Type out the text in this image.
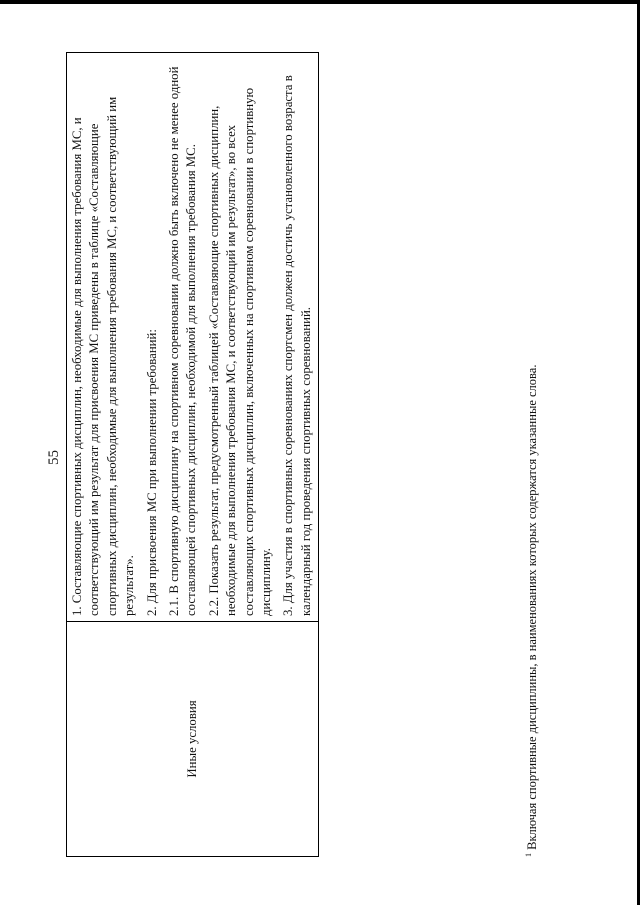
55
Иные условия	

1. Составляющие спортивных дисциплин, необходимые для выполнения требования МС, и соответствующий им результат для присвоения МС приведены в таблице «Составляющие спортивных дисциплин, необходимые для выполнения требования МС, и соответствующий им результат». 2. Для присвоения МС при выполнении требований: 2.1. В спортивную дисциплину на спортивном соревновании должно быть включено не менее одной составляющей спортивных дисциплин, необходимой для выполнения требования МС. 2.2. Показать результат, предусмотренный таблицей «Составляющие спортивных дисциплин, необходимые для выполнения требования МС, и соответствующий им результат», во всех составляющих спортивных дисциплин, включенных на спортивном соревновании в спортивную дисциплину. 3. Для участия в спортивных соревнованиях спортсмен должен достичь установленного возраста в календарный год проведения спортивных соревнований.

$^1$ Включая спортивные дисциплины, в наименованиях которых содержатся указанные слова.
